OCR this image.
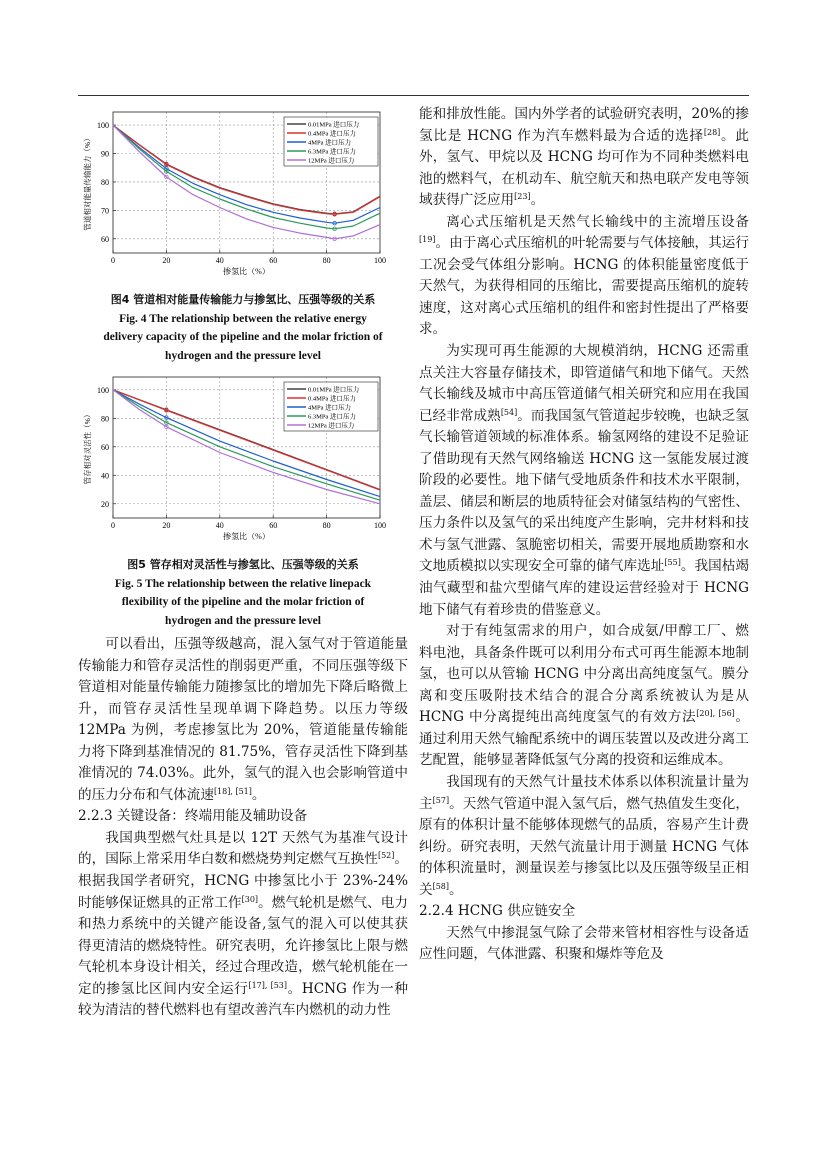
0	20	40	60	80	100
60
70
80
90
100
掺氢比（%）
管道相对能量传输能力（%）
0.01MPa 进口压力
0.4MPa 进口压力
4MPa 进口压力
6.3MPa 进口压力
12MPa 进口压力
图4 管道相对能量传输能力与掺氢比、压强等级的关系
Fig. 4 The relationship between the relative energy
delivery capacity of the pipeline and the molar friction of
hydrogen and the pressure level
0	20	40	60	80	100
20
40
60
80
100
掺氢比（%）
管存相对灵活性（%）
0.01MPa 进口压力
0.4MPa 进口压力
4MPa 进口压力
6.3MPa 进口压力
12MPa 进口压力
图5 管存相对灵活性与掺氢比、压强等级的关系
Fig. 5 The relationship between the relative linepack
flexibility of the pipeline and the molar friction of
hydrogen and the pressure level

可以看出，压强等级越高，混入氢气对于管道能量传输能力和管存灵活性的削弱更严重，不同压强等级下管道相对能量传输能力随掺氢比的增加先下降后略微上升，而管存灵活性呈现单调下降趋势。以压力等级 12MPa 为例，考虑掺氢比为 20%，管道能量传输能力将下降到基准情况的 81.75%，管存灵活性下降到基准情况的 74.03%。此外，氢气的混入也会影响管道中的压力分布和气体流速[18], [51]。

2.2.3 关键设备：终端用能及辅助设备

我国典型燃气灶具是以 12T 天然气为基准气设计的，国际上常采用华白数和燃烧势判定燃气互换性[52]。根据我国学者研究，HCNG 中掺氢比小于 23%-24%时能够保证燃具的正常工作[30]。燃气轮机是燃气、电力和热力系统中的关键产能设备,氢气的混入可以使其获得更清洁的燃烧特性。研究表明，允许掺氢比上限与燃气轮机本身设计相关，经过合理改造，燃气轮机能在一定的掺氢比区间内安全运行[17], [53]。HCNG 作为一种较为清洁的替代燃料也有望改善汽车内燃机的动力性

能和排放性能。国内外学者的试验研究表明，20%的掺氢比是 HCNG 作为汽车燃料最为合适的选择[28]。此外，氢气、甲烷以及 HCNG 均可作为不同种类燃料电池的燃料气，在机动车、航空航天和热电联产发电等领域获得广泛应用[23]。

离心式压缩机是天然气长输线中的主流增压设备[19]。由于离心式压缩机的叶轮需要与气体接触，其运行工况会受气体组分影响。HCNG 的体积能量密度低于天然气，为获得相同的压缩比，需要提高压缩机的旋转速度，这对离心式压缩机的组件和密封性提出了严格要求。

为实现可再生能源的大规模消纳，HCNG 还需重点关注大容量存储技术，即管道储气和地下储气。天然气长输线及城市中高压管道储气相关研究和应用在我国已经非常成熟[54]。而我国氢气管道起步较晚，也缺乏氢气长输管道领域的标准体系。输氢网络的建设不足验证了借助现有天然气网络输送 HCNG 这一氢能发展过渡阶段的必要性。地下储气受地质条件和技术水平限制，盖层、储层和断层的地质特征会对储氢结构的气密性、压力条件以及氢气的采出纯度产生影响，完井材料和技术与氢气泄露、氢脆密切相关，需要开展地质勘察和水文地质模拟以实现安全可靠的储气库选址[55]。我国枯竭油气藏型和盐穴型储气库的建设运营经验对于 HCNG 地下储气有着珍贵的借鉴意义。

对于有纯氢需求的用户，如合成氨/甲醇工厂、燃料电池，具备条件既可以利用分布式可再生能源本地制氢，也可以从管输 HCNG 中分离出高纯度氢气。膜分离和变压吸附技术结合的混合分离系统被认为是从 HCNG 中分离提纯出高纯度氢气的有效方法[20], [56]。通过利用天然气输配系统中的调压装置以及改进分离工艺配置，能够显著降低氢气分离的投资和运维成本。

我国现有的天然气计量技术体系以体积流量计量为主[57]。天然气管道中混入氢气后，燃气热值发生变化，原有的体积计量不能够体现燃气的品质，容易产生计费纠纷。研究表明，天然气流量计用于测量 HCNG 气体的体积流量时，测量误差与掺氢比以及压强等级呈正相关[58]。

2.2.4 HCNG 供应链安全

天然气中掺混氢气除了会带来管材相容性与设备适应性问题，气体泄露、积聚和爆炸等危及
